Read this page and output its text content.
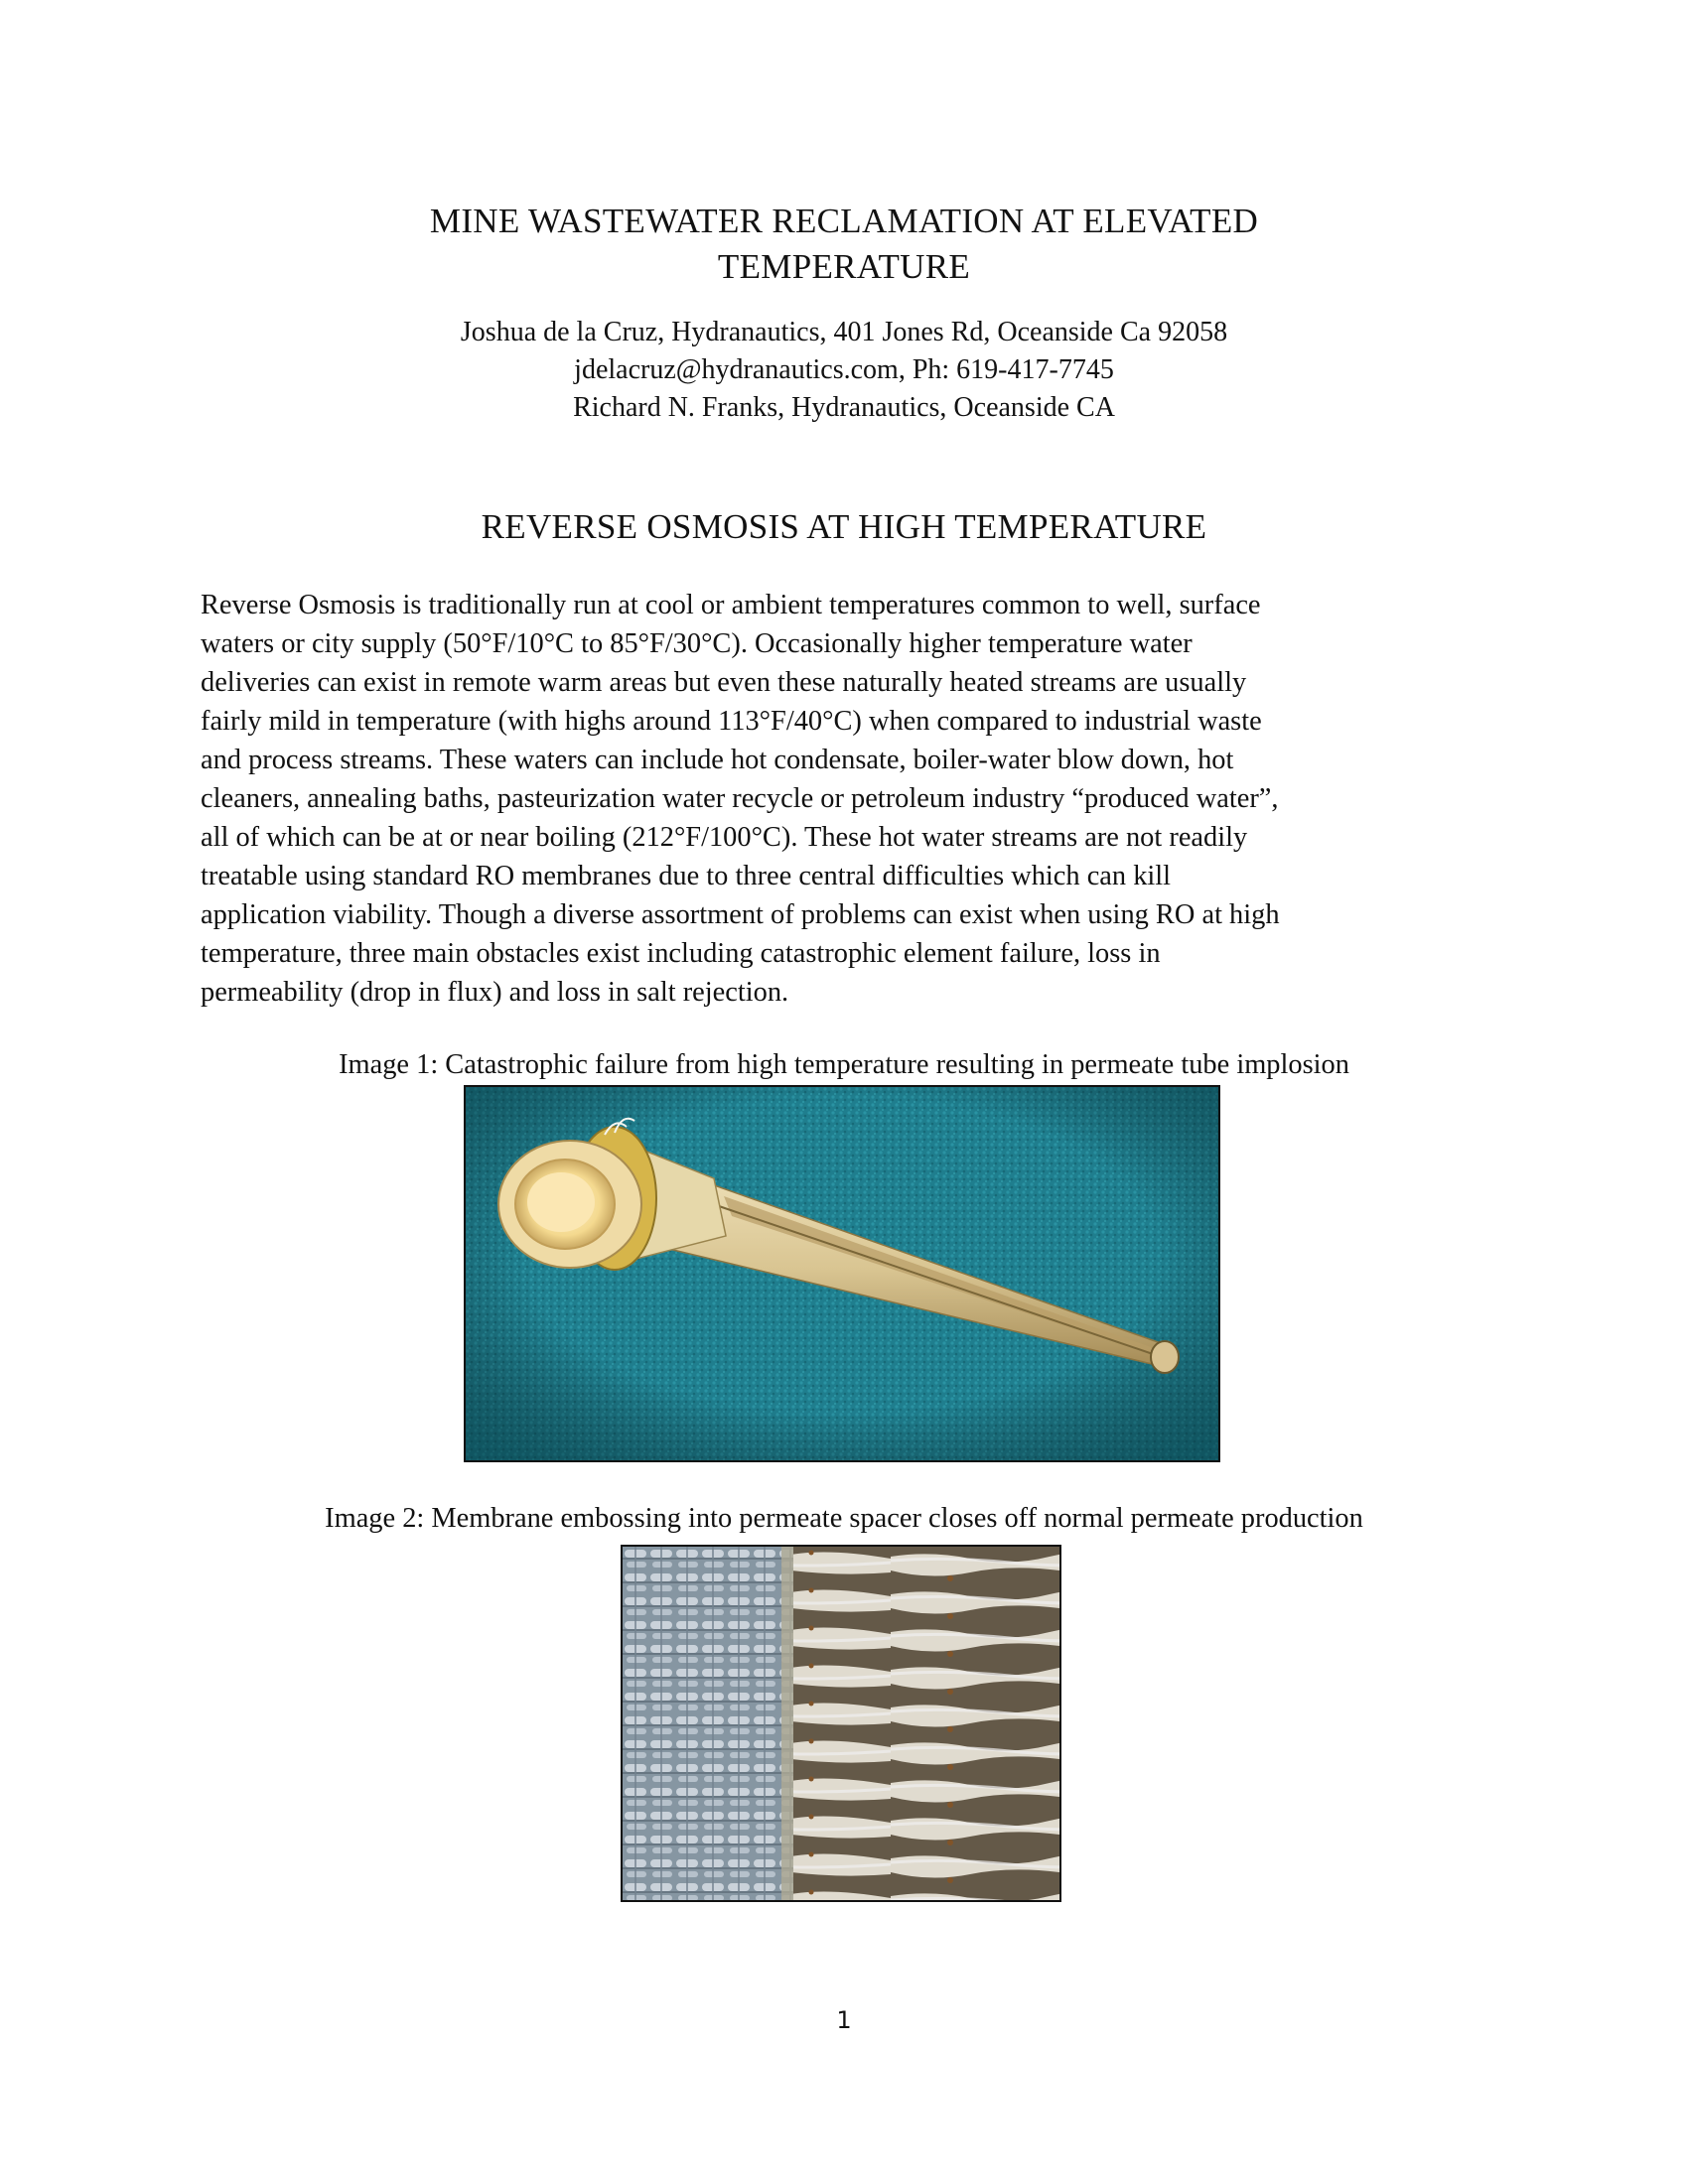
MINE WASTEWATER RECLAMATION AT ELEVATED
TEMPERATURE
Joshua de la Cruz, Hydranautics, 401 Jones Rd, Oceanside Ca 92058
jdelacruz@hydranautics.com, Ph: 619-417-7745
Richard N. Franks, Hydranautics, Oceanside CA
REVERSE OSMOSIS AT HIGH TEMPERATURE
Reverse Osmosis is traditionally run at cool or ambient temperatures common to well, surface
waters or city supply (50°F/10°C to 85°F/30°C). Occasionally higher temperature water
deliveries can exist in remote warm areas but even these naturally heated streams are usually
fairly mild in temperature (with highs around 113°F/40°C) when compared to industrial waste
and process streams. These waters can include hot condensate, boiler-water blow down, hot
cleaners, annealing baths, pasteurization water recycle or petroleum industry “produced water”,
all of which can be at or near boiling (212°F/100°C). These hot water streams are not readily
treatable using standard RO membranes due to three central difficulties which can kill
application viability. Though a diverse assortment of problems can exist when using RO at high
temperature, three main obstacles exist including catastrophic element failure, loss in
permeability (drop in flux) and loss in salt rejection.
Image 1: Catastrophic failure from high temperature resulting in permeate tube implosion
Image 2: Membrane embossing into permeate spacer closes off normal permeate production
1
